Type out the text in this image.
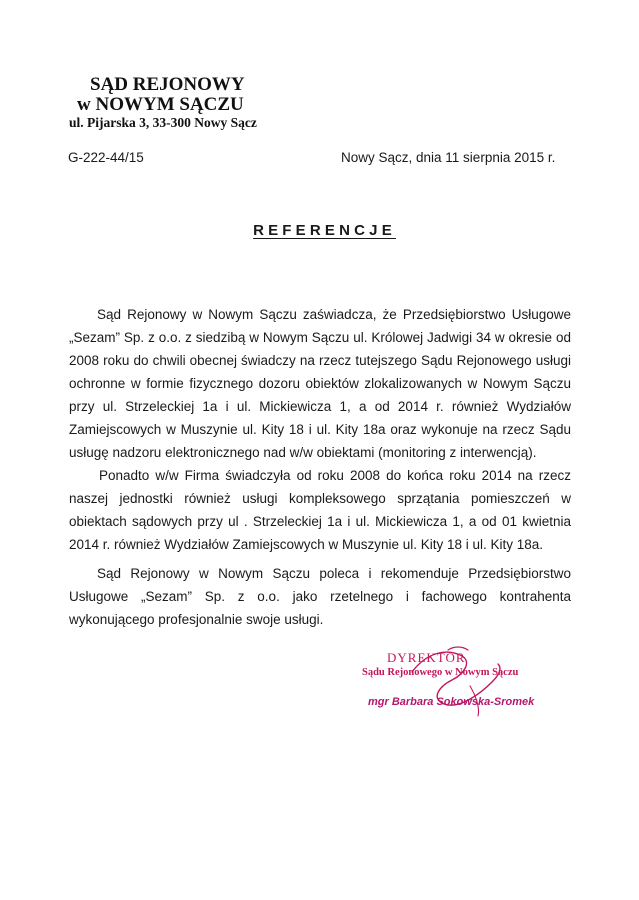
SĄD REJONOWY
w NOWYM SĄCZU
ul. Pijarska 3, 33-300 Nowy Sącz
G-222-44/15	Nowy Sącz, dnia 11 sierpnia 2015 r.
REFERENCJE

Sąd Rejonowy w Nowym Sączu zaświadcza, że Przedsiębiorstwo Usługowe „Sezam” Sp. z o.o. z siedzibą w Nowym Sączu ul. Królowej Jadwigi 34 w okresie od 2008 roku do chwili obecnej świadczy na rzecz tutejszego Sądu Rejonowego usługi ochronne w formie fizycznego dozoru obiektów zlokalizowanych w Nowym Sączu przy ul. Strzeleckiej 1a i ul. Mickiewicza 1, a od 2014 r. również Wydziałów Zamiejscowych w Muszynie ul. Kity 18 i ul. Kity 18a oraz wykonuje na rzecz Sądu usługę nadzoru elektronicznego nad w/w obiektami (monitoring z interwencją).

Ponadto w/w Firma świadczyła od roku 2008 do końca roku 2014 na rzecz naszej jednostki również usługi kompleksowego sprzątania pomieszczeń w obiektach sądowych przy ul . Strzeleckiej 1a i ul. Mickiewicza 1, a od 01 kwietnia 2014 r. również Wydziałów Zamiejscowych w Muszynie ul. Kity 18 i ul. Kity 18a.

Sąd Rejonowy w Nowym Sączu poleca i rekomenduje Przedsiębiorstwo Usługowe „Sezam” Sp. z o.o. jako rzetelnego i fachowego kontrahenta wykonującego profesjonalnie swoje usługi.

DYREKTOR
Sądu Rejonowego w Nowym Sączu
mgr Barbara Sokowska-Sromek
